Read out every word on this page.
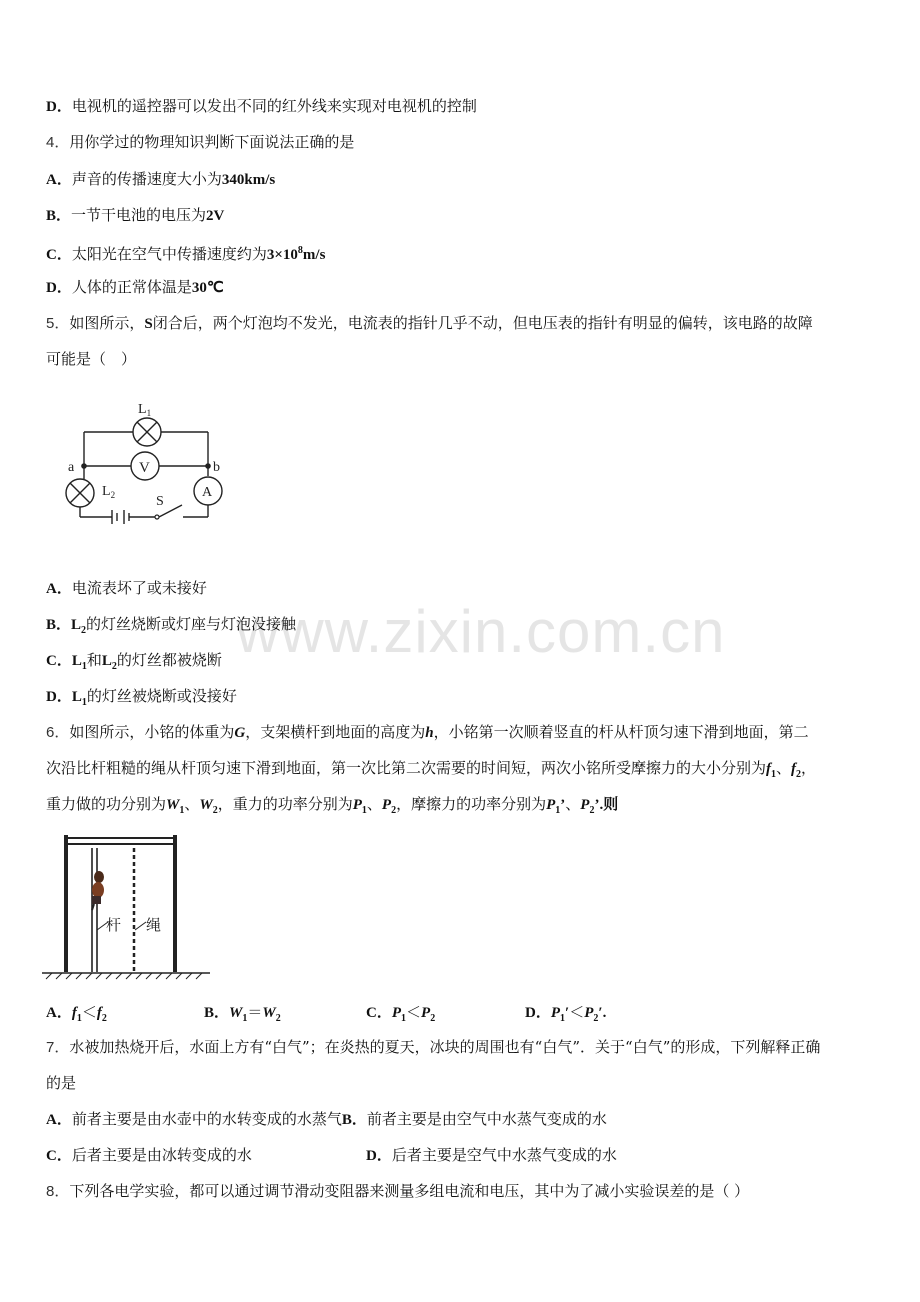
www.zixin.com.cn
D．电视机的遥控器可以发出不同的红外线来实现对电视机的控制
4．用你学过的物理知识判断下面说法正确的是
A．声音的传播速度大小为340km/s
B．一节干电池的电压为2V
C．太阳光在空气中传播速度约为$3\times 10^8m/s$
D．人体的正常体温是30℃
5．如图所示，S闭合后，两个灯泡均不发光，电流表的指针几乎不动，但电压表的指针有明显的偏转，该电路的故障
可能是（　）
$L_1$
a	b
V
A
$L_2$	S
A．电流表坏了或未接好
B．$L_2$的灯丝烧断或灯座与灯泡没接触
C．$L_1$和$L_2$的灯丝都被烧断
D．$L_1$的灯丝被烧断或没接好
6．如图所示，小铭的体重为G，支架横杆到地面的高度为h，小铭第一次顺着竖直的杆从杆顶匀速下滑到地面，第二
次沿比杆粗糙的绳从杆顶匀速下滑到地面，第一次比第二次需要的时间短，两次小铭所受摩擦力的大小分别为$f_1$、$f_2$，
重力做的功分别为$W_1$、$W_2$，重力的功率分别为$P_1$、$P_2$，摩擦力的功率分别为$P_1$’、$P_2$’.则
杆 绳
A．$f_1<f_2$	B．$W_1=W_2$	C．$P_1<P_2$	D．$P_1'<P_2'$.
7．水被加热烧开后，水面上方有“白气”；在炎热的夏天，冰块的周围也有“白气”．关于“白气”的形成，下列解释正确
的是
A．前者主要是由水壶中的水转变成的水蒸气B．前者主要是由空气中水蒸气变成的水
C．后者主要是由冰转变成的水	D．后者主要是空气中水蒸气变成的水
8．下列各电学实验，都可以通过调节滑动变阻器来测量多组电流和电压，其中为了减小实验误差的是（ ）
